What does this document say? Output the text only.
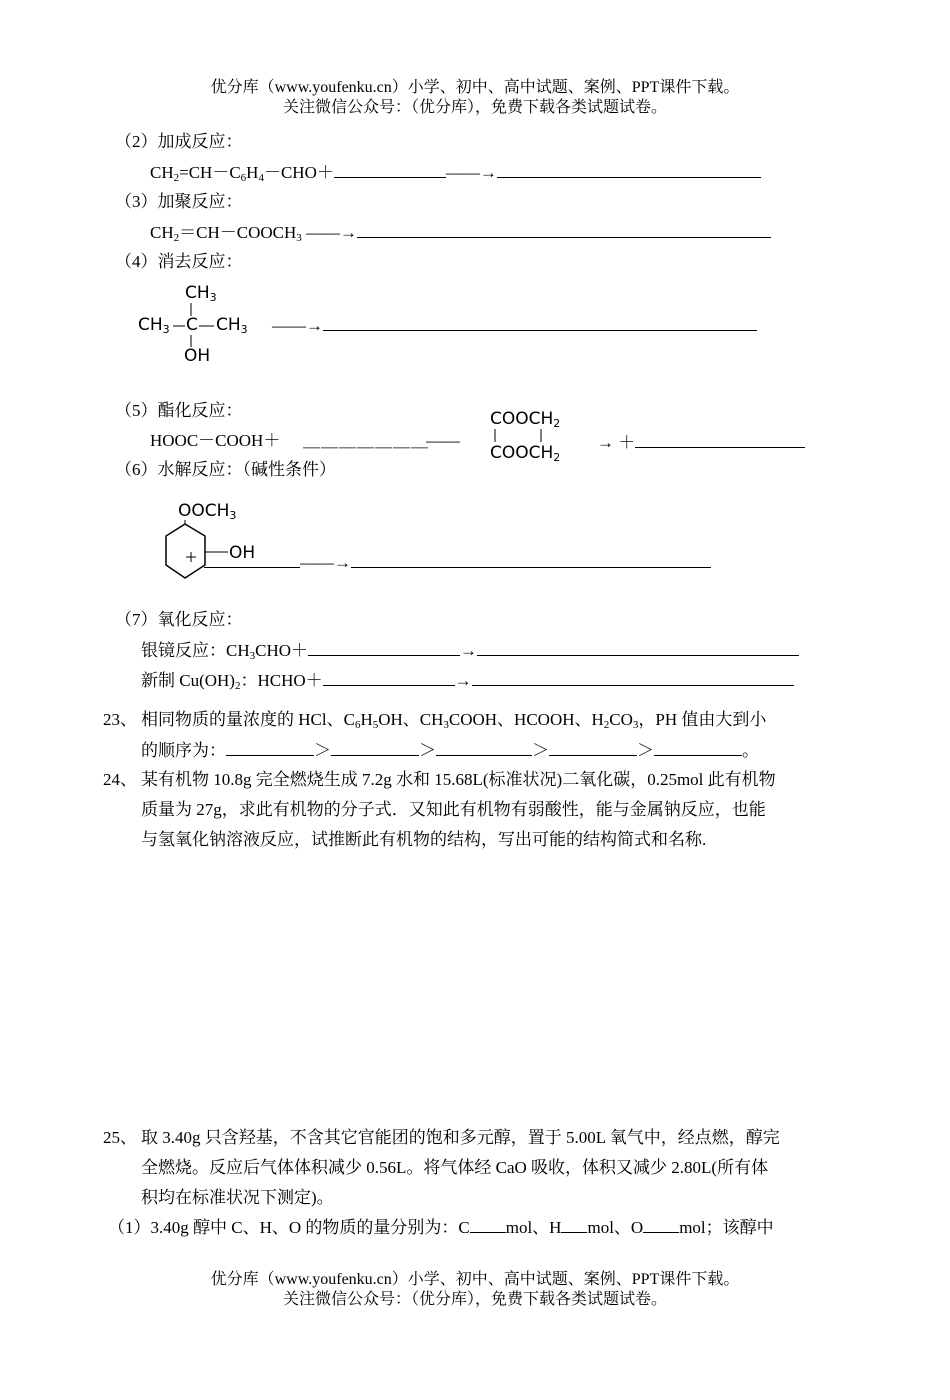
优分库（www.youfenku.cn）小学、初中、高中试题、案例、PPT课件下载。
关注微信公众号：（优分库），免费下载各类试题试卷。
（2）加成反应：
$CH_2=CH-C_6H_4-CHO+$	——→
（3）加聚反应：
$CH_2=CH-COOCH_3$ ——→
（4）消去反应：
$CH_3$
$CH_3$ C $CH_3$
OH
——→
（5）酯化反应：
HOOC－COOH＋	＿＿＿＿＿＿＿
——
$COOCH_2$
$COOCH_2$
→ ＋
（6）水解反应：（碱性条件）
$OOCH_3$
OH	——→
（7）氧化反应：
银镜反应：$CH_3CHO+$	→
新制 $Cu(OH)_2$：HCHO＋	→
23、 相同物质的量浓度的 HCl、$C_6H_5OH$、$CH_3COOH$、HCOOH、$H_2CO_3$，PH 值由大到小
的顺序为：	＞	＞	＞	＞	。
24、 某有机物 10.8g 完全燃烧生成 7.2g 水和 15.68L(标准状况)二氧化碳，0.25mol 此有机物
质量为 27g，求此有机物的分子式．又知此有机物有弱酸性，能与金属钠反应，也能
与氢氧化钠溶液反应，试推断此有机物的结构，写出可能的结构简式和名称.
25、 取 3.40g 只含羟基，不含其它官能团的饱和多元醇，置于 5.00L 氧气中，经点燃，醇完
全燃烧。反应后气体体积减少 0.56L。将气体经 CaO 吸收，体积又减少 2.80L(所有体
积均在标准状况下测定)。
（1）3.40g 醇中 C、H、O 的物质的量分别为：C mol、H mol、O mol；该醇中
优分库（www.youfenku.cn）小学、初中、高中试题、案例、PPT课件下载。
关注微信公众号：（优分库），免费下载各类试题试卷。
